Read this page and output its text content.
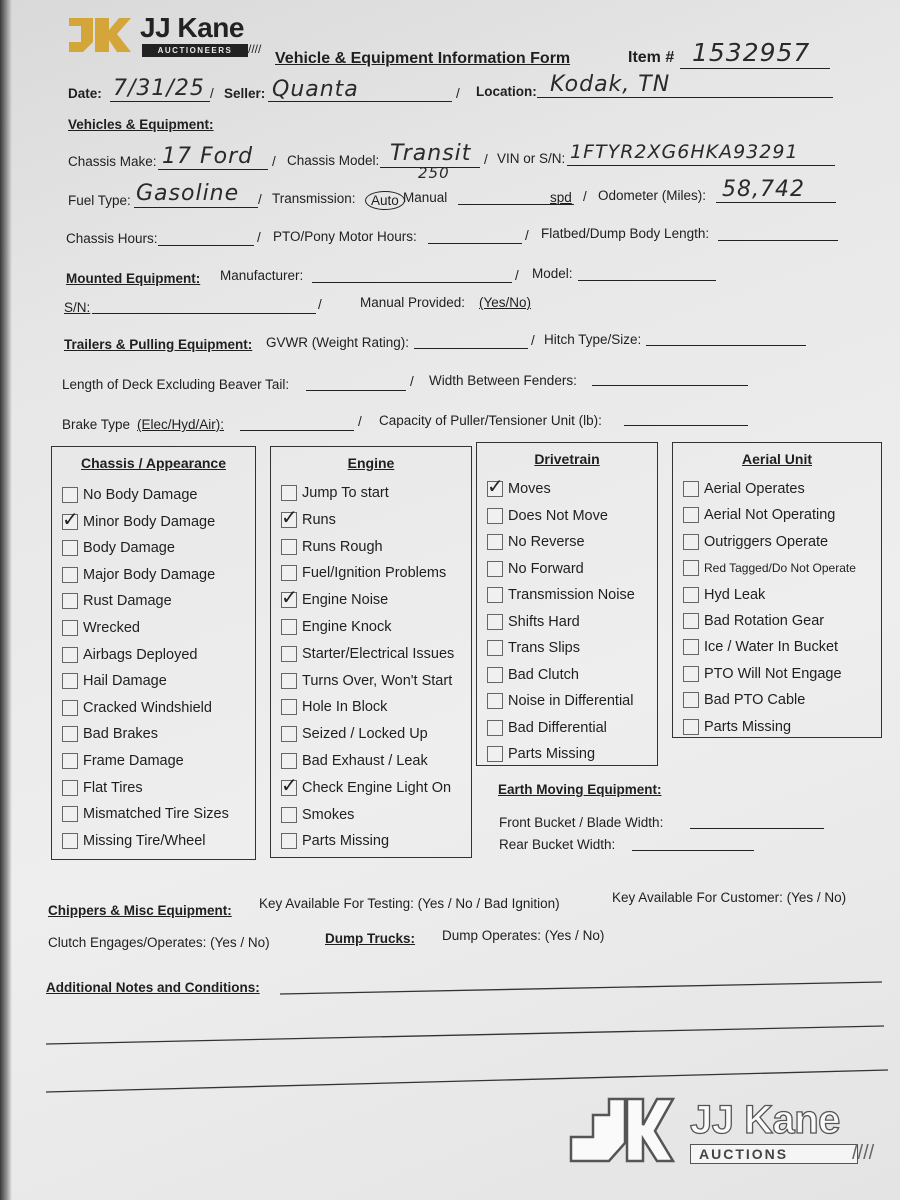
JJ Kane
AUCTIONEERS	////
Vehicle & Equipment Information Form	Item # 1532957
Date: 7/31/25 / Seller: Quanta	/ Location: Kodak, TN
Vehicles & Equipment:
Chassis Make: 17 Ford / Chassis Model: Transit
250
/ VIN or S/N: 1FTYR2XG6HKA93291
Fuel Type: Gasoline / Transmission:	Auto Manual	spd / Odometer (Miles): 58,742
Chassis Hours:	/ PTO/Pony Motor Hours:	/ Flatbed/Dump Body Length:
Mounted Equipment: Manufacturer:	/ Model:
S/N:	/	Manual Provided: (Yes/No)
Trailers & Pulling Equipment: GVWR (Weight Rating):	/ Hitch Type/Size:
Length of Deck Excluding Beaver Tail:	/ Width Between Fenders:
Brake Type (Elec/Hyd/Air):	/ Capacity of Puller/Tensioner Unit (lb):
Chassis / Appearance
No Body Damage
✓ Minor Body Damage
Body Damage
Major Body Damage
Rust Damage
Wrecked
Airbags Deployed
Hail Damage
Cracked Windshield
Bad Brakes
Frame Damage
Flat Tires
Mismatched Tire Sizes
Missing Tire/Wheel
Engine
Jump To start
✓ Runs
Runs Rough
Fuel/Ignition Problems
✓ Engine Noise
Engine Knock
Starter/Electrical Issues
Turns Over, Won't Start
Hole In Block
Seized / Locked Up
Bad Exhaust / Leak
✓ Check Engine Light On
Smokes
Parts Missing
Drivetrain
✓ Moves
Does Not Move
No Reverse
No Forward
Transmission Noise
Shifts Hard
Trans Slips
Bad Clutch
Noise in Differential
Bad Differential
Parts Missing
Aerial Unit
Aerial Operates
Aerial Not Operating
Outriggers Operate
Red Tagged/Do Not Operate
Hyd Leak
Bad Rotation Gear
Ice / Water In Bucket
PTO Will Not Engage
Bad PTO Cable
Parts Missing
Earth Moving Equipment:
Front Bucket / Blade Width:
Rear Bucket Width:
Chippers & Misc Equipment: Key Available For Testing: (Yes / No / Bad Ignition)	Key Available For Customer: (Yes / No)
Clutch Engages/Operates: (Yes / No)	Dump Trucks: Dump Operates: (Yes / No)
Additional Notes and Conditions:
JJ Kane
AUCTIONS	////
